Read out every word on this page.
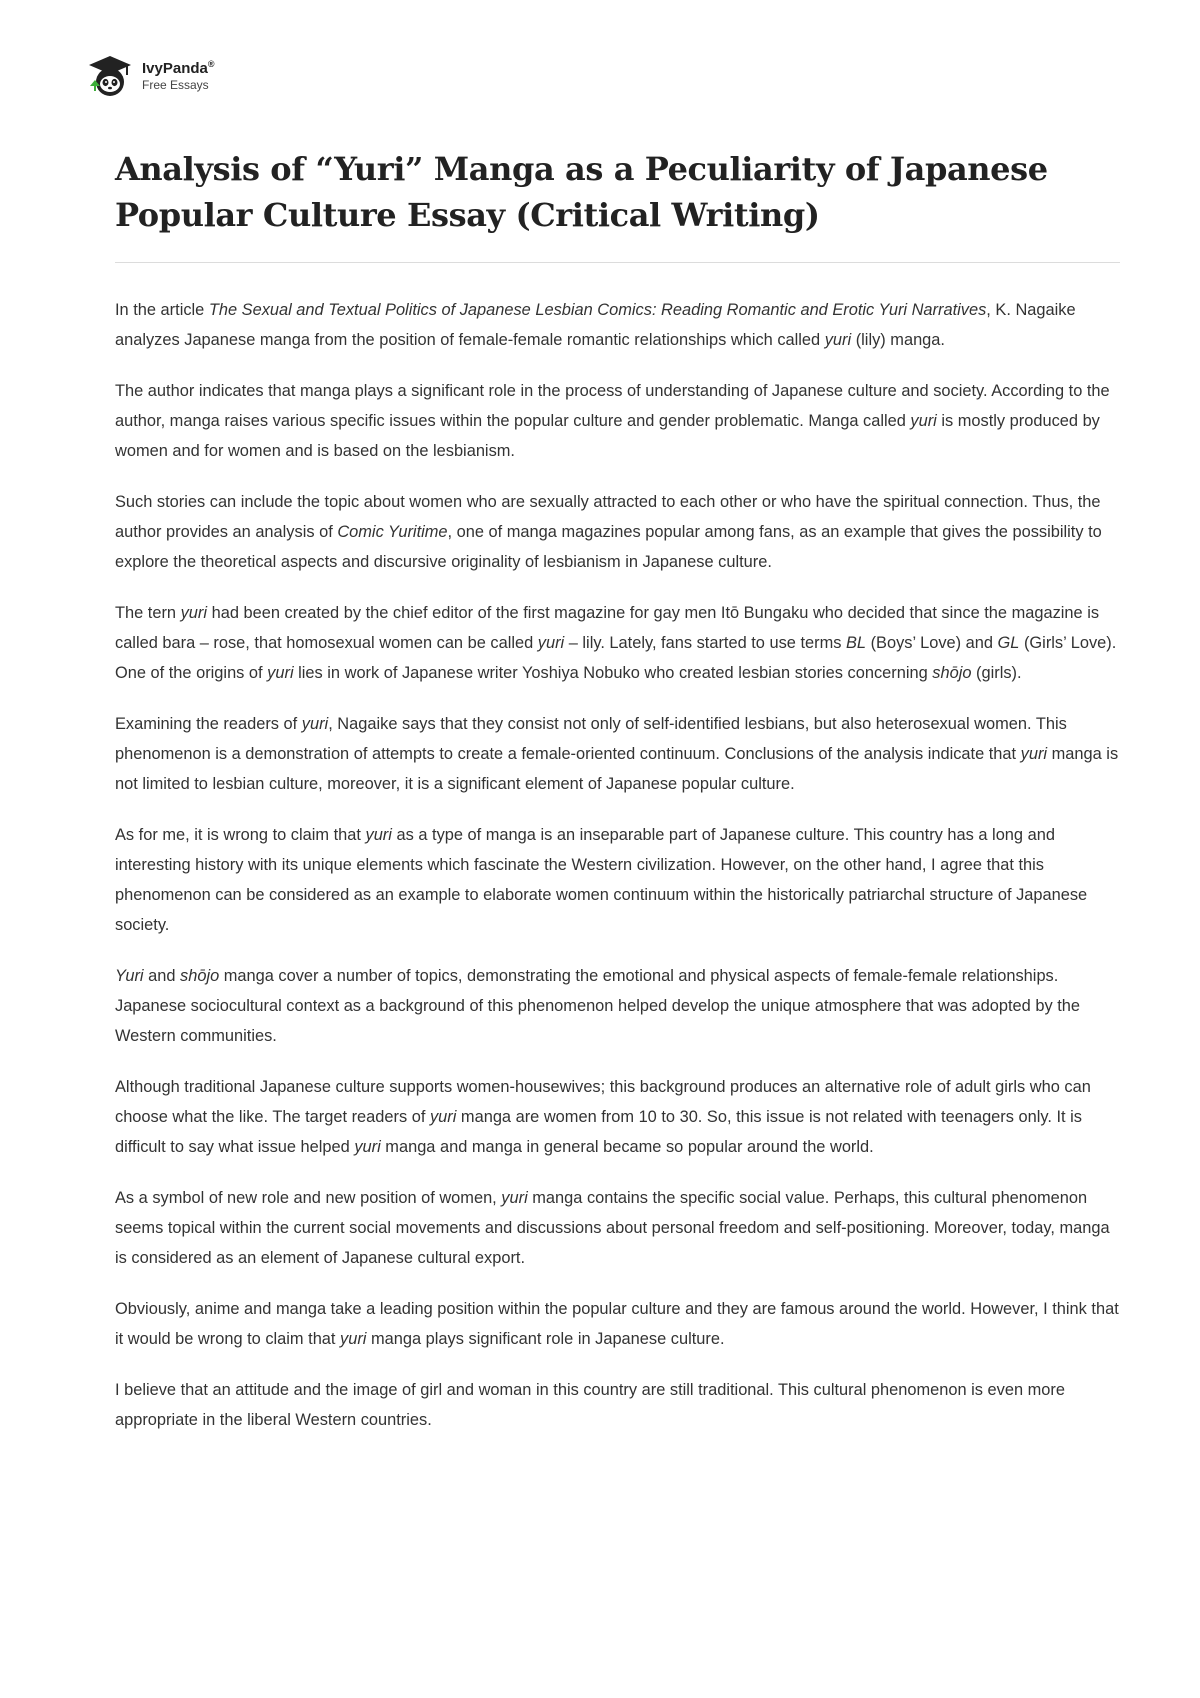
IvyPanda®
Free Essays
Analysis of “Yuri” Manga as a Peculiarity of Japanese Popular Culture Essay (Critical Writing)

In the article The Sexual and Textual Politics of Japanese Lesbian Comics: Reading Romantic and Erotic Yuri Narratives, K. Nagaike analyzes Japanese manga from the position of female-female romantic relationships which called yuri (lily) manga.

The author indicates that manga plays a significant role in the process of understanding of Japanese culture and society. According to the author, manga raises various specific issues within the popular culture and gender problematic. Manga called yuri is mostly produced by women and for women and is based on the lesbianism.

Such stories can include the topic about women who are sexually attracted to each other or who have the spiritual connection. Thus, the author provides an analysis of Comic Yuritime, one of manga magazines popular among fans, as an example that gives the possibility to explore the theoretical aspects and discursive originality of lesbianism in Japanese culture.

The tern yuri had been created by the chief editor of the first magazine for gay men Itō Bungaku who decided that since the magazine is called bara – rose, that homosexual women can be called yuri – lily. Lately, fans started to use terms BL (Boys’ Love) and GL (Girls’ Love). One of the origins of yuri lies in work of Japanese writer Yoshiya Nobuko who created lesbian stories concerning shōjo (girls).

Examining the readers of yuri, Nagaike says that they consist not only of self-identified lesbians, but also heterosexual women. This phenomenon is a demonstration of attempts to create a female-oriented continuum. Conclusions of the analysis indicate that yuri manga is not limited to lesbian culture, moreover, it is a significant element of Japanese popular culture.

As for me, it is wrong to claim that yuri as a type of manga is an inseparable part of Japanese culture. This country has a long and interesting history with its unique elements which fascinate the Western civilization. However, on the other hand, I agree that this phenomenon can be considered as an example to elaborate women continuum within the historically patriarchal structure of Japanese society.

Yuri and shōjo manga cover a number of topics, demonstrating the emotional and physical aspects of female-female relationships. Japanese sociocultural context as a background of this phenomenon helped develop the unique atmosphere that was adopted by the Western communities.

Although traditional Japanese culture supports women-housewives; this background produces an alternative role of adult girls who can choose what the like. The target readers of yuri manga are women from 10 to 30. So, this issue is not related with teenagers only. It is difficult to say what issue helped yuri manga and manga in general became so popular around the world.

As a symbol of new role and new position of women, yuri manga contains the specific social value. Perhaps, this cultural phenomenon seems topical within the current social movements and discussions about personal freedom and self-positioning. Moreover, today, manga is considered as an element of Japanese cultural export.

Obviously, anime and manga take a leading position within the popular culture and they are famous around the world. However, I think that it would be wrong to claim that yuri manga plays significant role in Japanese culture.

I believe that an attitude and the image of girl and woman in this country are still traditional. This cultural phenomenon is even more appropriate in the liberal Western countries.
